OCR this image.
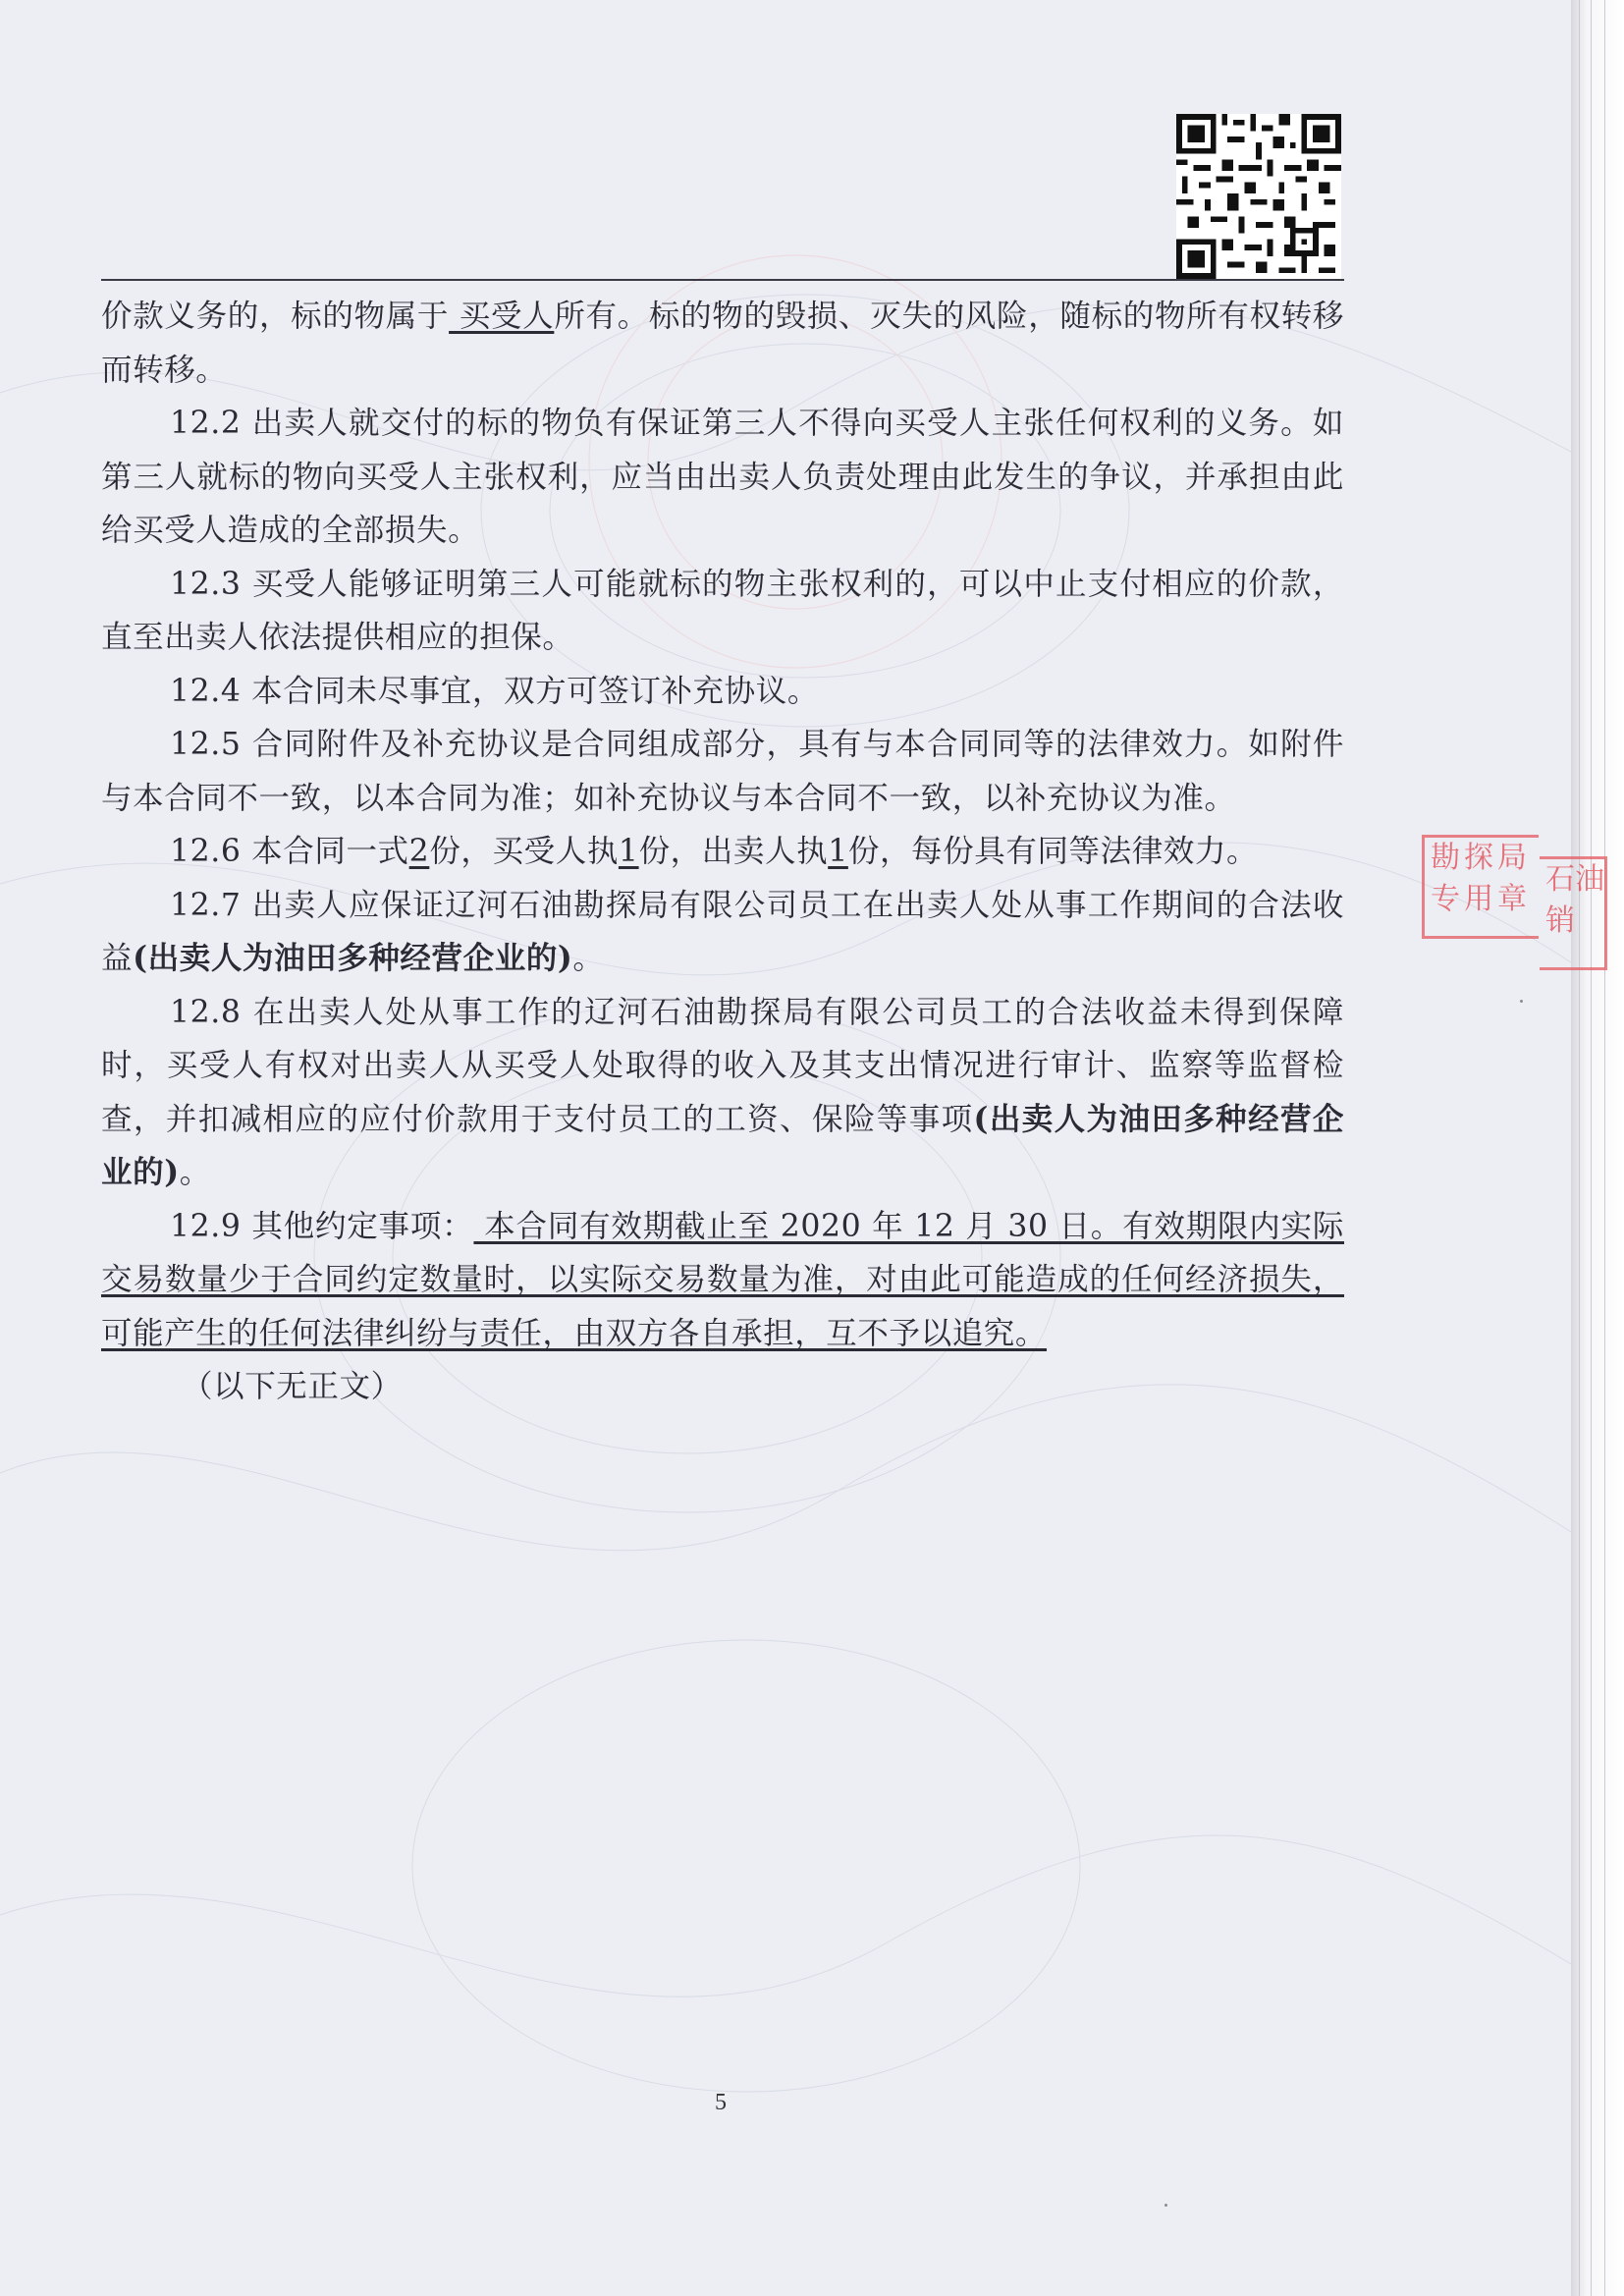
价款义务的，标的物属于 买受人所有。标的物的毁损、灭失的风险，随标的物所有权转移而转移。

12.2 出卖人就交付的标的物负有保证第三人不得向买受人主张任何权利的义务。如第三人就标的物向买受人主张权利，应当由出卖人负责处理由此发生的争议，并承担由此给买受人造成的全部损失。

12.3 买受人能够证明第三人可能就标的物主张权利的，可以中止支付相应的价款，直至出卖人依法提供相应的担保。

12.4 本合同未尽事宜，双方可签订补充协议。

12.5 合同附件及补充协议是合同组成部分，具有与本合同同等的法律效力。如附件与本合同不一致，以本合同为准；如补充协议与本合同不一致，以补充协议为准。

12.6 本合同一式2份，买受人执1份，出卖人执1份，每份具有同等法律效力。

12.7 出卖人应保证辽河石油勘探局有限公司员工在出卖人处从事工作期间的合法收益(出卖人为油田多种经营企业的)。

12.8 在出卖人处从事工作的辽河石油勘探局有限公司员工的合法收益未得到保障时，买受人有权对出卖人从买受人处取得的收入及其支出情况进行审计、监察等监督检查，并扣减相应的应付价款用于支付员工的工资、保险等事项(出卖人为油田多种经营企业的)。

12.9 其他约定事项： 本合同有效期截止至 2020 年 12 月 30 日。有效期限内实际交易数量少于合同约定数量时，以实际交易数量为准，对由此可能造成的任何经济损失，可能产生的任何法律纠纷与责任，由双方各自承担，互不予以追究。

（以下无正文）

5
勘探局 专用章
石油 销
